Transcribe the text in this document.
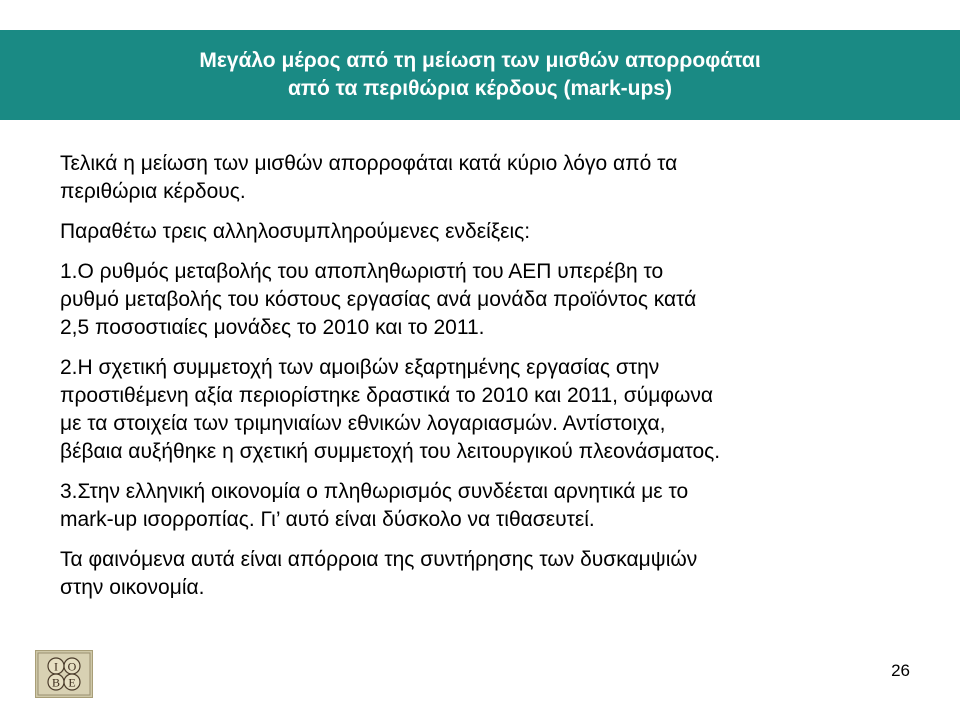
Μεγάλο μέρος από τη μείωση των μισθών απορροφάται
από τα περιθώρια κέρδους (mark-ups)
Τελικά η μείωση των μισθών απορροφάται κατά κύριο λόγο από τα
περιθώρια κέρδους.
Παραθέτω τρεις αλληλοσυμπληρούμενες ενδείξεις:
1.Ο ρυθμός μεταβολής του αποπληθωριστή του ΑΕΠ υπερέβη το
ρυθμό μεταβολής του κόστους εργασίας ανά μονάδα προϊόντος κατά
2,5 ποσοστιαίες μονάδες το 2010 και το 2011.
2.Η σχετική συμμετοχή των αμοιβών εξαρτημένης εργασίας στην
προστιθέμενη αξία περιορίστηκε δραστικά το 2010 και 2011, σύμφωνα
με τα στοιχεία των τριμηνιαίων εθνικών λογαριασμών. Αντίστοιχα,
βέβαια αυξήθηκε η σχετική συμμετοχή του λειτουργικού πλεονάσματος.
3.Στην ελληνική οικονομία ο πληθωρισμός συνδέεται αρνητικά με το
mark-up ισορροπίας. Γι’ αυτό είναι δύσκολο να τιθασευτεί.
Τα φαινόμενα αυτά είναι απόρροια της συντήρησης των δυσκαμψιών
στην οικονομία.
I O
B E
26
